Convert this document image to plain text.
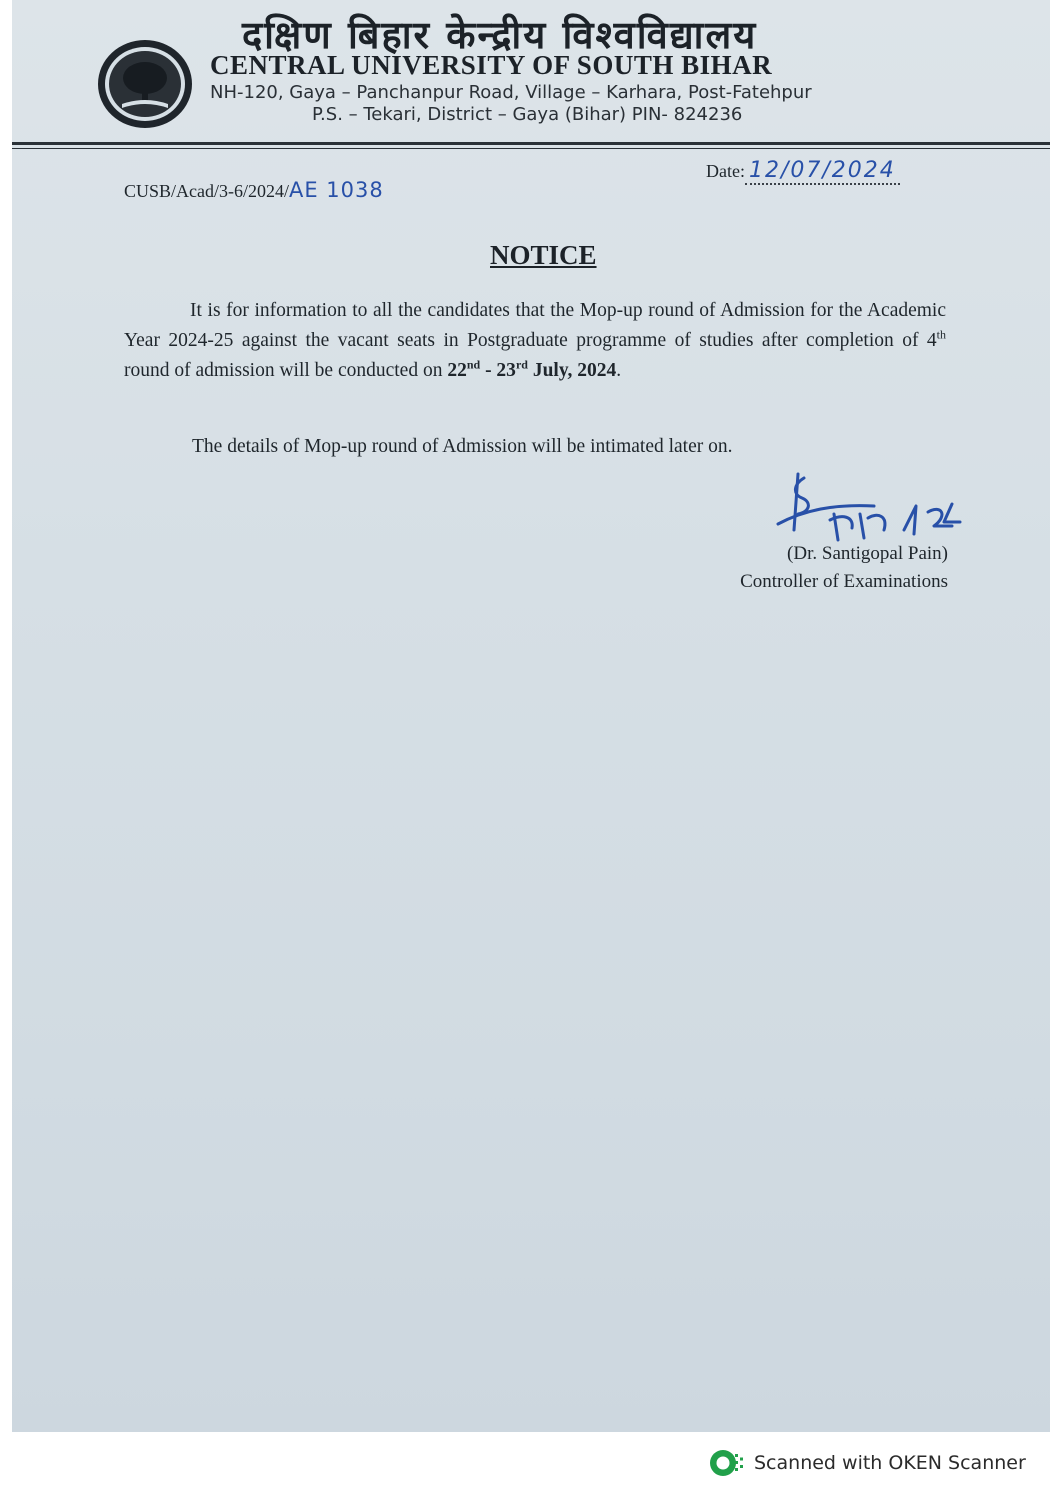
दक्षिण बिहार केन्द्रीय विश्वविद्यालय
CENTRAL UNIVERSITY OF SOUTH BIHAR
NH-120, Gaya – Panchanpur Road, Village – Karhara, Post-Fatehpur
P.S. – Tekari, District – Gaya (Bihar) PIN- 824236
CUSB/Acad/3-6/2024/AE 1038
Date: 12/07/2024
NOTICE
It is for information to all the candidates that the Mop-up round of Admission for the Academic Year 2024-25 against the vacant seats in Postgraduate programme of studies after completion of 4th round of admission will be conducted on 22nd - 23rd July, 2024.
The details of Mop-up round of Admission will be intimated later on.
(Dr. Santigopal Pain)
Controller of Examinations
Scanned with OKEN Scanner
